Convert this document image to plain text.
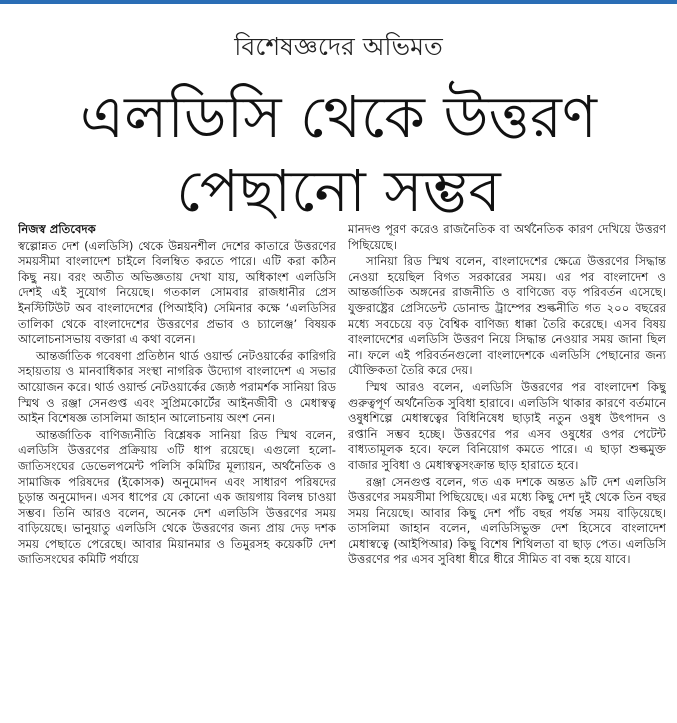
বিশেষজ্ঞদের অভিমত
এলডিসি থেকে উত্তরণ
পেছানো সম্ভব

নিজস্ব প্রতিবেদক

স্বল্পোন্নত দেশ (এলডিসি) থেকে উন্নয়নশীল দেশের কাতারে উত্তরণের সময়সীমা বাংলাদেশ চাইলে বিলম্বিত করতে পারে। এটি করা কঠিন কিছু নয়। বরং অতীত অভিজ্ঞতায় দেখা যায়, অধিকাংশ এলডিসি দেশই এই সুযোগ নিয়েছে। গতকাল সোমবার রাজধানীর প্রেস ইনস্টিটিউট অব বাংলাদেশের (পিআইবি) সেমিনার কক্ষে ‘এলডিসির তালিকা থেকে বাংলাদেশের উত্তরণের প্রভাব ও চ্যালেঞ্জ’ বিষয়ক আলোচনাসভায় বক্তারা এ কথা বলেন।

আন্তর্জাতিক গবেষণা প্রতিষ্ঠান থার্ড ওয়ার্ল্ড নেটওয়ার্কের কারিগরি সহায়তায় ও মানবাধিকার সংস্থা নাগরিক উদ্যোগ বাংলাদেশ এ সভার আয়োজন করে। থার্ড ওয়ার্ল্ড নেটওয়ার্কের জ্যেষ্ঠ পরামর্শক সানিয়া রিড স্মিথ ও রঞ্জা সেনগুপ্ত এবং সুপ্রিমকোর্টের আইনজীবী ও মেধাস্বত্ব আইন বিশেষজ্ঞ তাসলিমা জাহান আলোচনায় অংশ নেন।

আন্তর্জাতিক বাণিজ্যনীতি বিশ্লেষক সানিয়া রিড স্মিথ বলেন, এলডিসি উত্তরণের প্রক্রিয়ায় ৩টি ধাপ রয়েছে। এগুলো হলো- জাতিসংঘের ডেভেলপমেন্ট পলিসি কমিটির মূল্যায়ন, অর্থনৈতিক ও সামাজিক পরিষদের (ইকোসক) অনুমোদন এবং সাধারণ পরিষদের চূড়ান্ত অনুমোদন। এসব ধাপের যে কোনো এক জায়গায় বিলম্ব চাওয়া সম্ভব। তিনি আরও বলেন, অনেক দেশ এলডিসি উত্তরণের সময় বাড়িয়েছে। ভানুয়াতু এলডিসি থেকে উত্তরণের জন্য প্রায় দেড় দশক সময় পেছাতে পেরেছে। আবার মিয়ানমার ও তিমুরসহ কয়েকটি দেশ জাতিসংঘের কমিটি পর্যায়ে

মানদণ্ড পূরণ করেও রাজনৈতিক বা অর্থনৈতিক কারণ দেখিয়ে উত্তরণ পিছিয়েছে।

সানিয়া রিড স্মিথ বলেন, বাংলাদেশের ক্ষেত্রে উত্তরণের সিদ্ধান্ত নেওয়া হয়েছিল বিগত সরকারের সময়। এর পর বাংলাদেশ ও আন্তর্জাতিক অঙ্গনের রাজনীতি ও বাণিজ্যে বড় পরিবর্তন এসেছে। যুক্তরাষ্ট্রের প্রেসিডেন্ট ডোনাল্ড ট্রাম্পের শুল্কনীতি গত ২০০ বছরের মধ্যে সবচেয়ে বড় বৈশ্বিক বাণিজ্য ধাক্কা তৈরি করেছে। এসব বিষয় বাংলাদেশের এলডিসি উত্তরণ নিয়ে সিদ্ধান্ত নেওয়ার সময় জানা ছিল না। ফলে এই পরিবর্তনগুলো বাংলাদেশকে এলডিসি পেছানোর জন্য যৌক্তিকতা তৈরি করে দেয়।

স্মিথ আরও বলেন, এলডিসি উত্তরণের পর বাংলাদেশ কিছু গুরুত্বপূর্ণ অর্থনৈতিক সুবিধা হারাবে। এলডিসি থাকার কারণে বর্তমানে ওষুধশিল্পে মেধাস্বত্বের বিধিনিষেধ ছাড়াই নতুন ওষুধ উৎপাদন ও রপ্তানি সম্ভব হচ্ছে। উত্তরণের পর এসব ওষুধের ওপর পেটেন্ট বাধ্যতামূলক হবে। ফলে বিনিয়োগ কমতে পারে। এ ছাড়া শুল্কমুক্ত বাজার সুবিধা ও মেধাস্বত্বসংক্রান্ত ছাড় হারাতে হবে।

রঞ্জা সেনগুপ্ত বলেন, গত এক দশকে অন্তত ৯টি দেশ এলডিসি উত্তরণের সময়সীমা পিছিয়েছে। এর মধ্যে কিছু দেশ দুই থেকে তিন বছর সময় নিয়েছে। আবার কিছু দেশ পাঁচ বছর পর্যন্ত সময় বাড়িয়েছে। তাসলিমা জাহান বলেন, এলডিসিভুক্ত দেশ হিসেবে বাংলাদেশ মেধাস্বত্বে (আইপিআর) কিছু বিশেষ শিথিলতা বা ছাড় পেত। এলডিসি উত্তরণের পর এসব সুবিধা ধীরে ধীরে সীমিত বা বন্ধ হয়ে যাবে।
